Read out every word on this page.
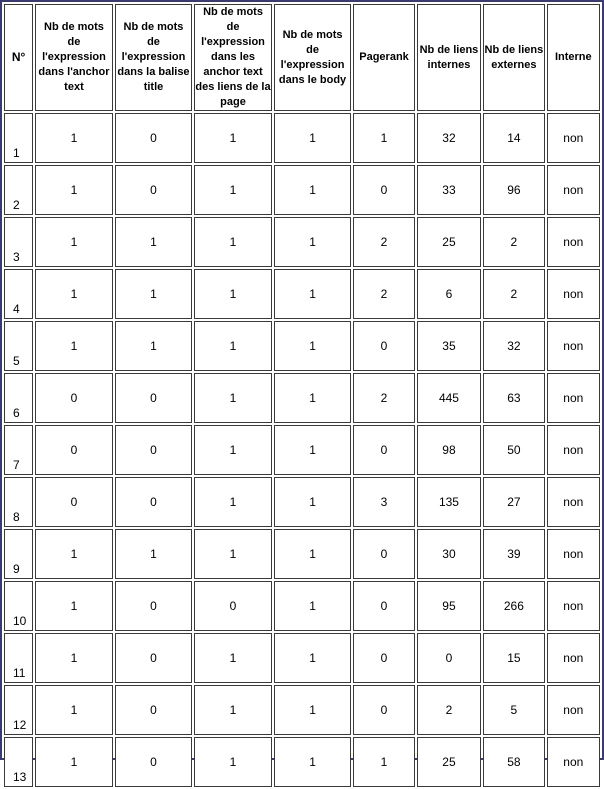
N°	Nb de mots de l'expression dans l'anchor text	Nb de mots de l'expression dans la balise title	Nb de mots de l'expression dans les anchor text des liens de la page	Nb de mots de l'expression dans le body	Pagerank	Nb de liens internes	Nb de liens externes	Interne
1	1	0	1	1	1	32	14	non
2	1	0	1	1	0	33	96	non
3	1	1	1	1	2	25	2	non
4	1	1	1	1	2	6	2	non
5	1	1	1	1	0	35	32	non
6	0	0	1	1	2	445	63	non
7	0	0	1	1	0	98	50	non
8	0	0	1	1	3	135	27	non
9	1	1	1	1	0	30	39	non
10	1	0	0	1	0	95	266	non
11	1	0	1	1	0	0	15	non
12	1	0	1	1	0	2	5	non
13	1	0	1	1	1	25	58	non
